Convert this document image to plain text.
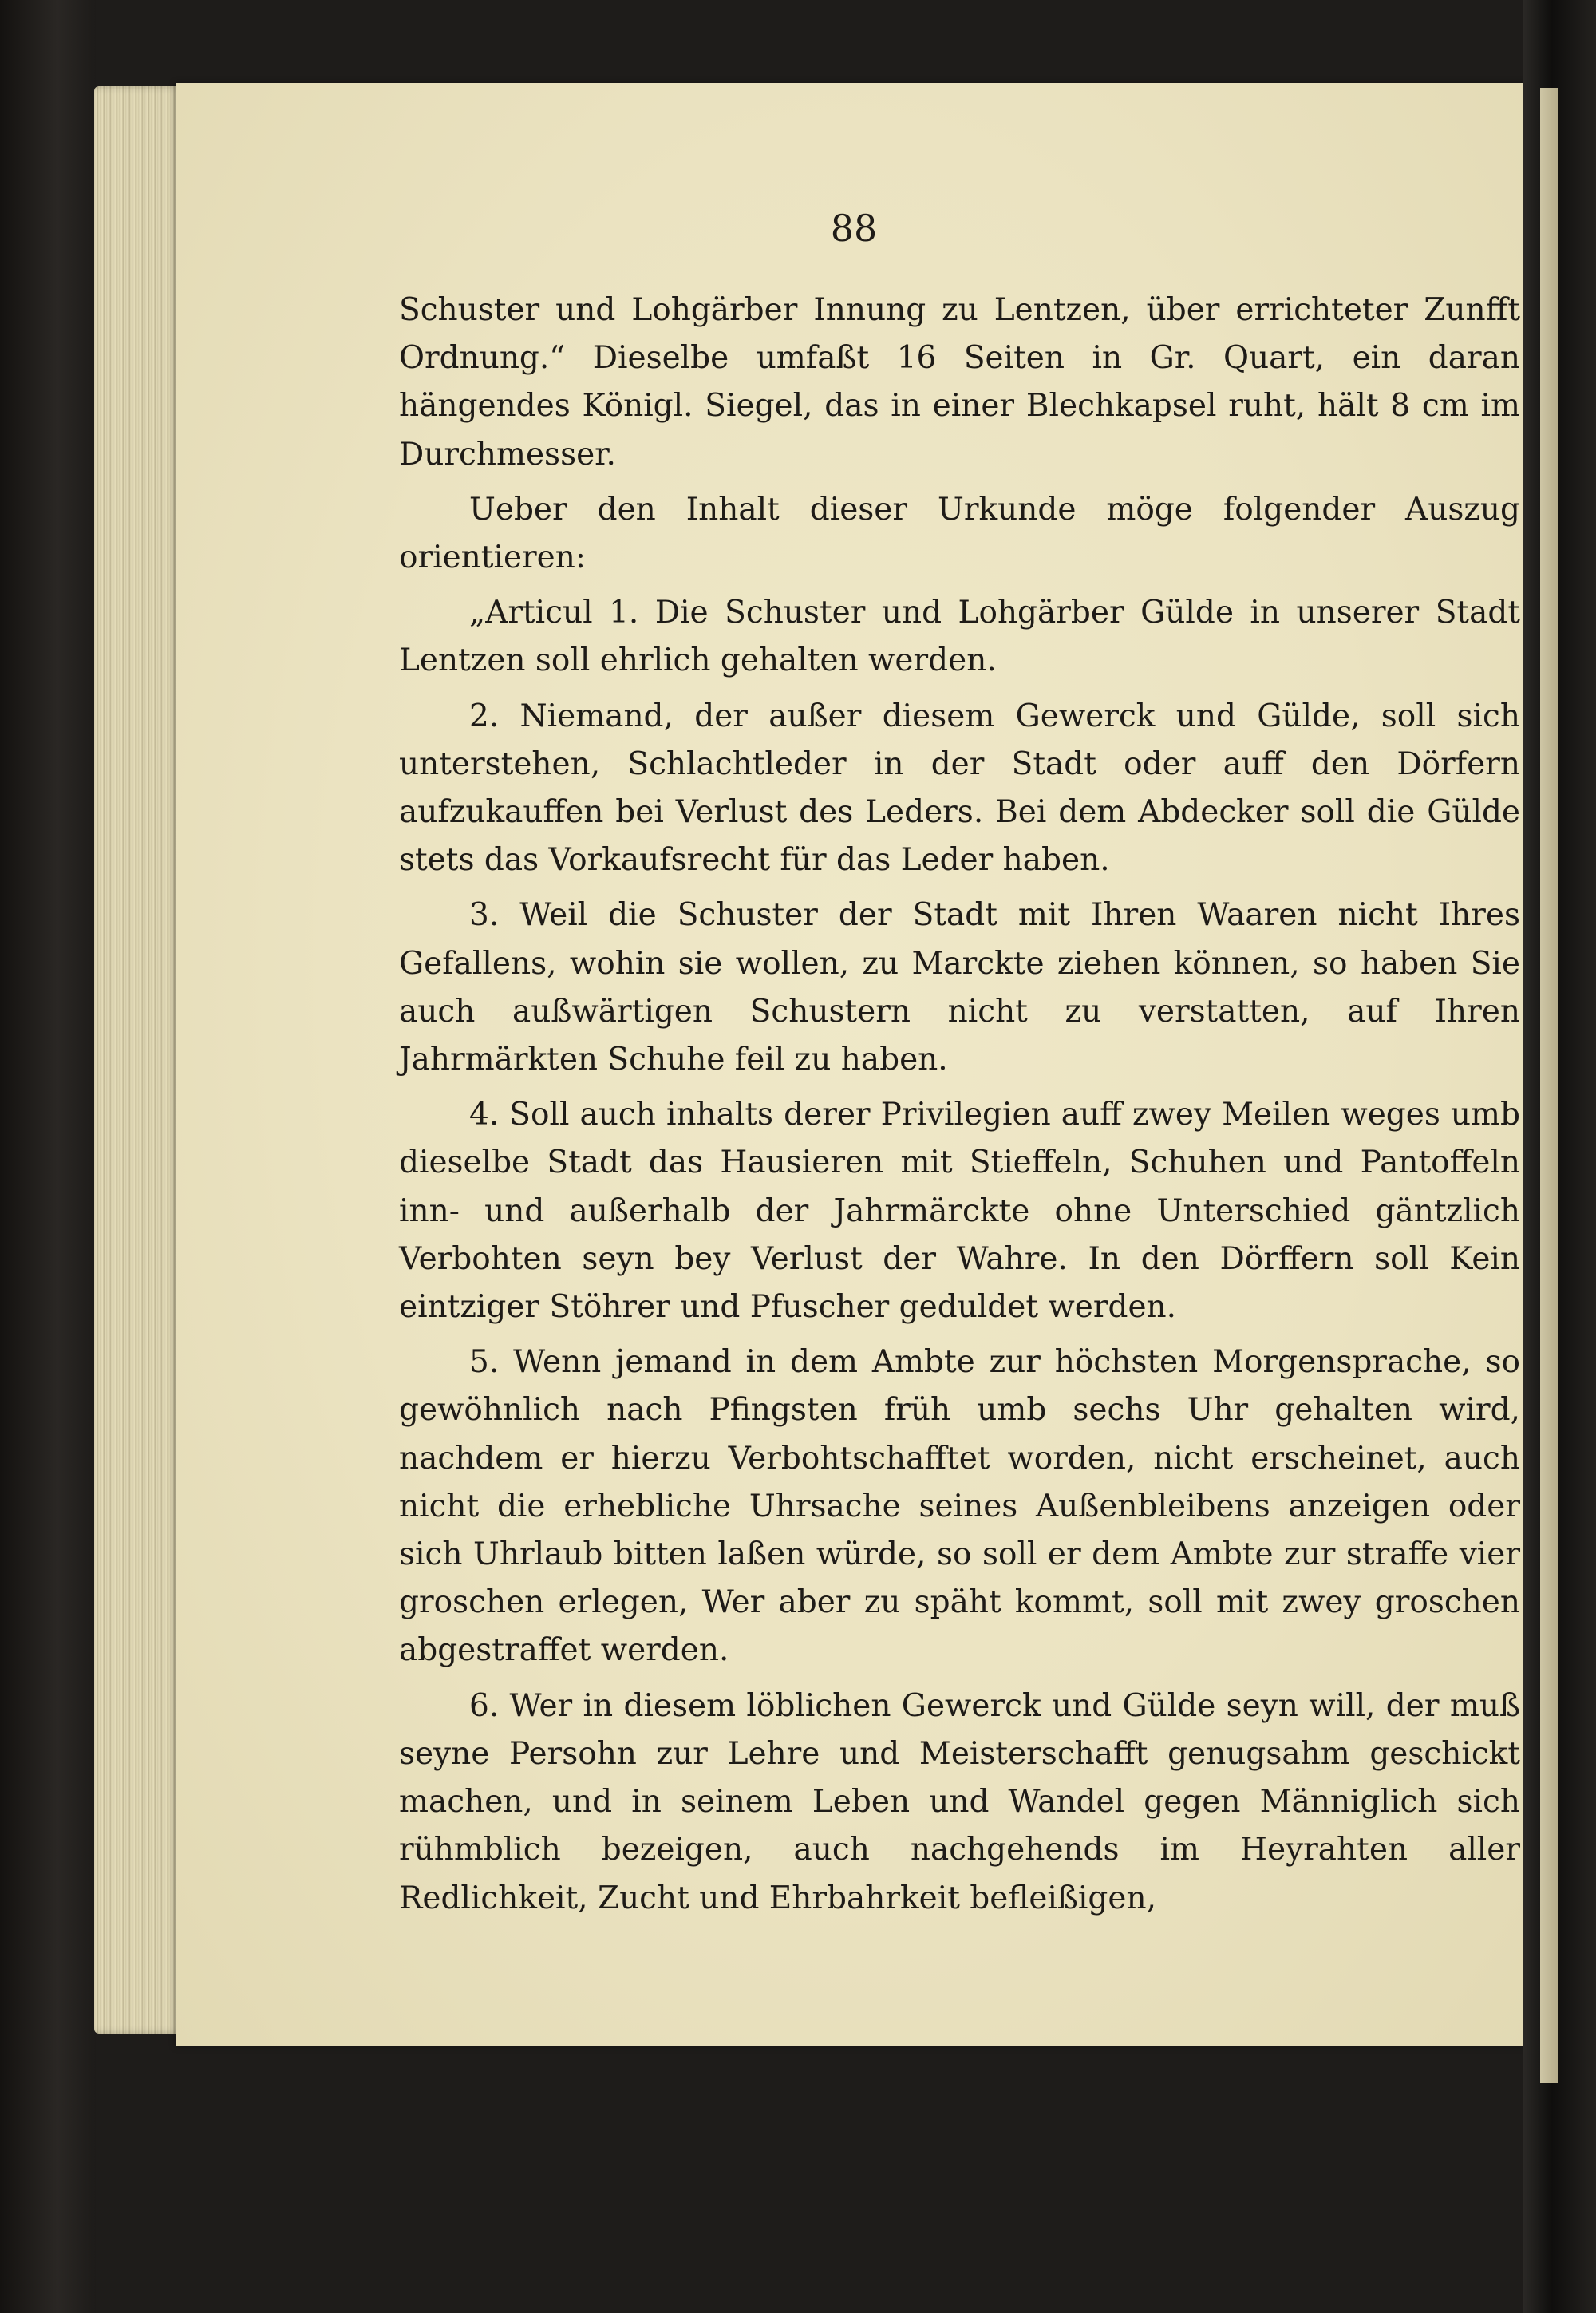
88

Schuster und Lohgärber Innung zu Lentzen, über errichteter Zunfft Ordnung.“ Dieselbe umfaßt 16 Seiten in Gr. Quart, ein daran hängendes Königl. Siegel, das in einer Blechkapsel ruht, hält 8 cm im Durchmesser.

Ueber den Inhalt dieser Urkunde möge folgender Auszug orientieren:

„Articul 1. Die Schuster und Lohgärber Gülde in unserer Stadt Lentzen soll ehrlich gehalten werden.

2. Niemand, der außer diesem Gewerck und Gülde, soll sich unterstehen, Schlachtleder in der Stadt oder auff den Dörfern aufzukauffen bei Verlust des Leders. Bei dem Abdecker soll die Gülde stets das Vorkaufsrecht für das Leder haben.

3. Weil die Schuster der Stadt mit Ihren Waaren nicht Ihres Gefallens, wohin sie wollen, zu Marckte ziehen können, so haben Sie auch außwärtigen Schustern nicht zu verstatten, auf Ihren Jahrmärkten Schuhe feil zu haben.

4. Soll auch inhalts derer Privilegien auff zwey Meilen weges umb dieselbe Stadt das Hausieren mit Stieffeln, Schuhen und Pantoffeln inn- und außerhalb der Jahrmärckte ohne Unterschied gäntzlich Verbohten seyn bey Verlust der Wahre. In den Dörffern soll Kein eintziger Stöhrer und Pfuscher geduldet werden.

5. Wenn jemand in dem Ambte zur höchsten Morgensprache, so gewöhnlich nach Pfingsten früh umb sechs Uhr gehalten wird, nachdem er hierzu Verbohtschafftet worden, nicht erscheinet, auch nicht die erhebliche Uhrsache seines Außenbleibens anzeigen oder sich Uhrlaub bitten laßen würde, so soll er dem Ambte zur straffe vier groschen erlegen, Wer aber zu späht kommt, soll mit zwey groschen abgestraffet werden.

6. Wer in diesem löblichen Gewerck und Gülde seyn will, der muß seyne Persohn zur Lehre und Meisterschafft genugsahm geschickt machen, und in seinem Leben und Wandel gegen Männiglich sich rühmblich bezeigen, auch nachgehends im Heyrahten aller Redlichkeit, Zucht und Ehrbahrkeit befleißigen,
